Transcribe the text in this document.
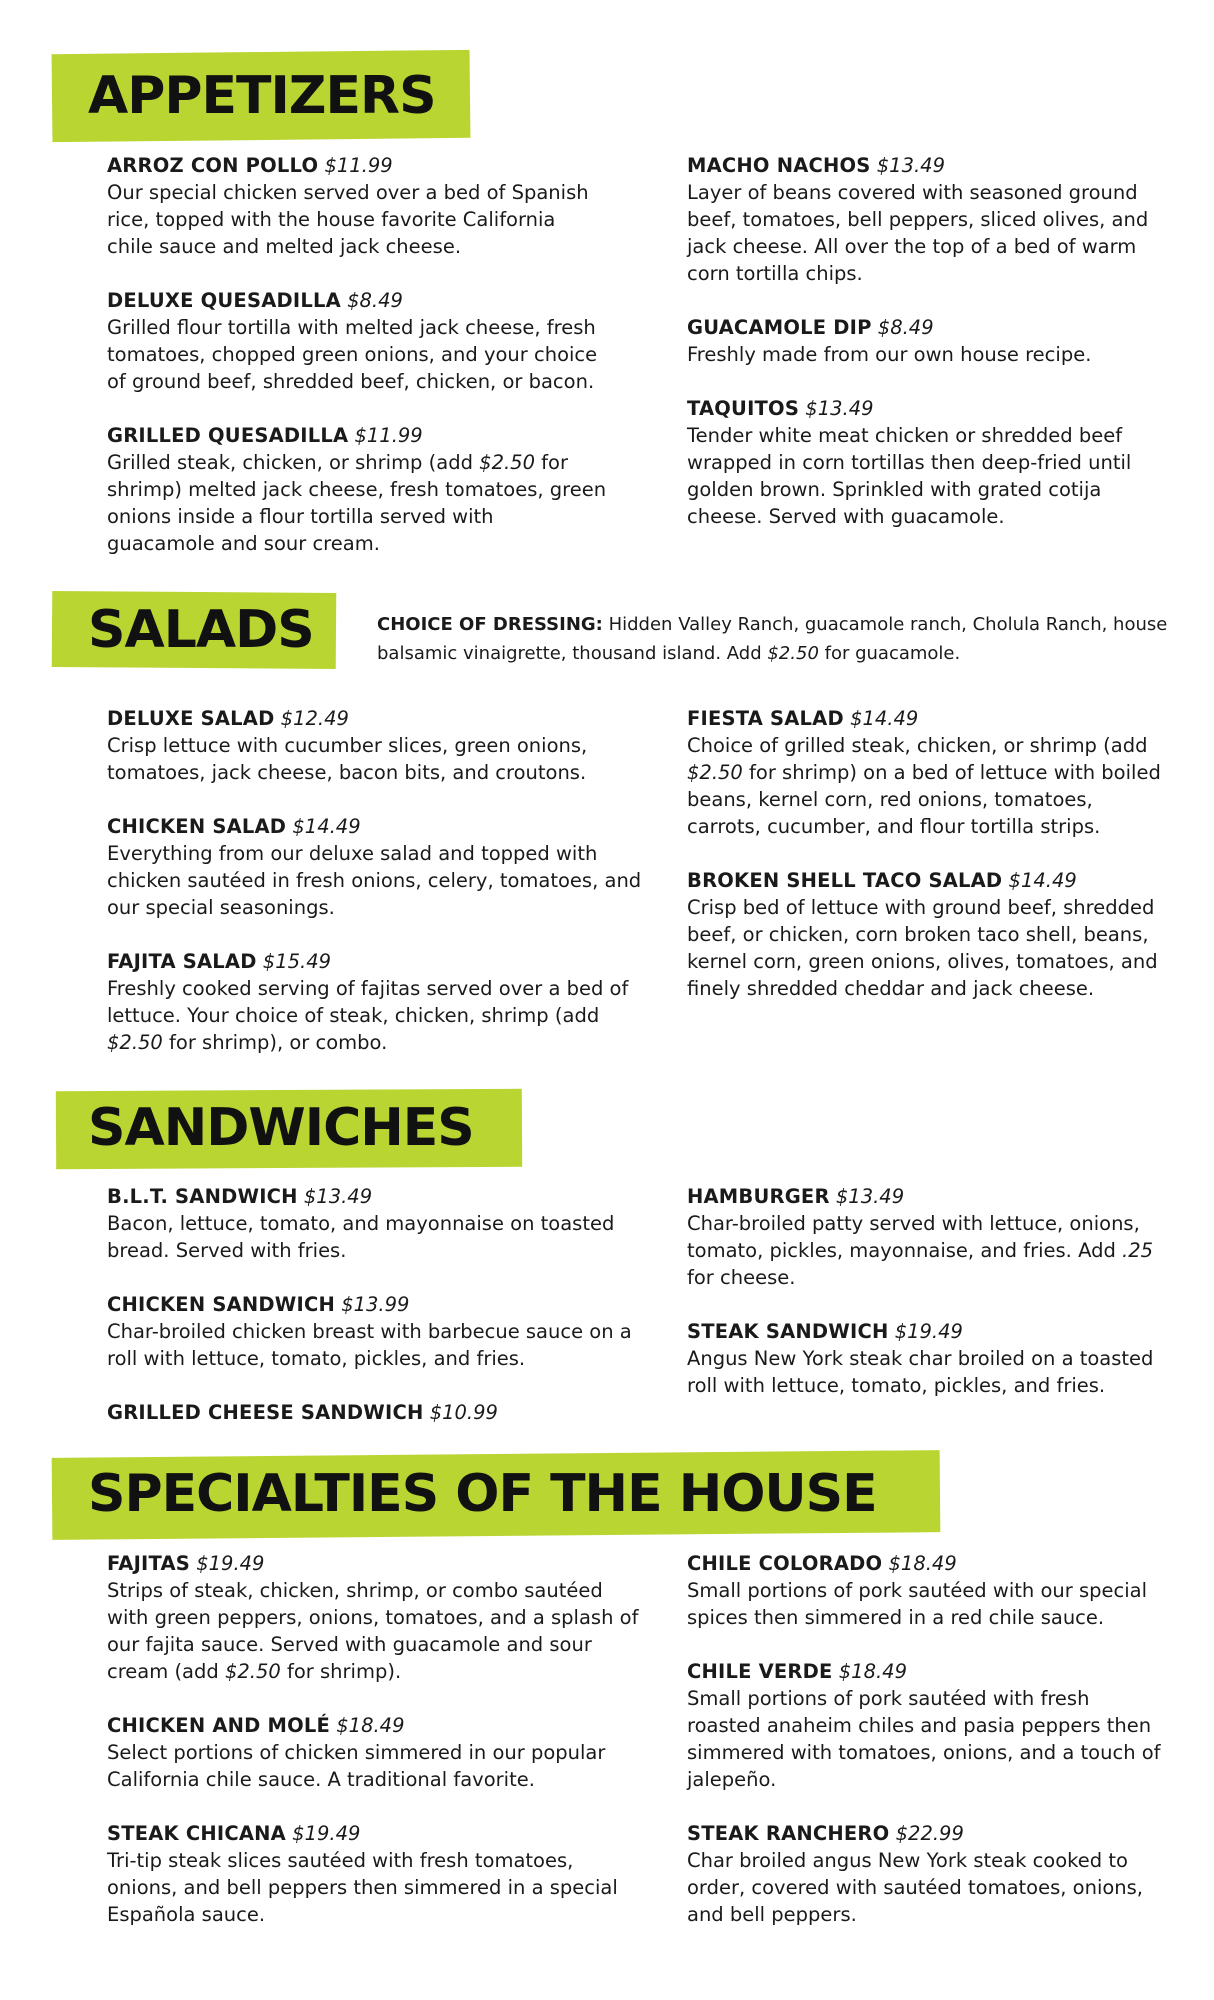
APPETIZERS

ARROZ CON POLLO $11.99
Our special chicken served over a bed of Spanish rice, topped with the house favorite California chile sauce and melted jack cheese.

DELUXE QUESADILLA $8.49
Grilled flour tortilla with melted jack cheese, fresh tomatoes, chopped green onions, and your choice of ground beef, shredded beef, chicken, or bacon.

GRILLED QUESADILLA $11.99
Grilled steak, chicken, or shrimp (add $2.50 for shrimp) melted jack cheese, fresh tomatoes, green onions inside a flour tortilla served with guacamole and sour cream.

MACHO NACHOS $13.49
Layer of beans covered with seasoned ground beef, tomatoes, bell peppers, sliced olives, and jack cheese. All over the top of a bed of warm corn tortilla chips.

GUACAMOLE DIP $8.49
Freshly made from our own house recipe.

TAQUITOS $13.49
Tender white meat chicken or shredded beef wrapped in corn tortillas then deep-fried until golden brown. Sprinkled with grated cotija cheese. Served with guacamole.

SALADS	CHOICE OF DRESSING: Hidden Valley Ranch, guacamole ranch, Cholula Ranch, house balsamic vinaigrette, thousand island. Add $2.50 for guacamole.

DELUXE SALAD $12.49
Crisp lettuce with cucumber slices, green onions, tomatoes, jack cheese, bacon bits, and croutons.

CHICKEN SALAD $14.49
Everything from our deluxe salad and topped with chicken sautéed in fresh onions, celery, tomatoes, and our special seasonings.

FAJITA SALAD $15.49
Freshly cooked serving of fajitas served over a bed of lettuce. Your choice of steak, chicken, shrimp (add $2.50 for shrimp), or combo.

FIESTA SALAD $14.49
Choice of grilled steak, chicken, or shrimp (add $2.50 for shrimp) on a bed of lettuce with boiled beans, kernel corn, red onions, tomatoes, carrots, cucumber, and flour tortilla strips.

BROKEN SHELL TACO SALAD $14.49
Crisp bed of lettuce with ground beef, shredded beef, or chicken, corn broken taco shell, beans, kernel corn, green onions, olives, tomatoes, and finely shredded cheddar and jack cheese.

SANDWICHES

B.L.T. SANDWICH $13.49
Bacon, lettuce, tomato, and mayonnaise on toasted bread. Served with fries.

CHICKEN SANDWICH $13.99
Char-broiled chicken breast with barbecue sauce on a roll with lettuce, tomato, pickles, and fries.

GRILLED CHEESE SANDWICH $10.99

HAMBURGER $13.49
Char-broiled patty served with lettuce, onions, tomato, pickles, mayonnaise, and fries. Add .25 for cheese.

STEAK SANDWICH $19.49
Angus New York steak char broiled on a toasted roll with lettuce, tomato, pickles, and fries.

SPECIALTIES OF THE HOUSE

FAJITAS $19.49
Strips of steak, chicken, shrimp, or combo sautéed with green peppers, onions, tomatoes, and a splash of our fajita sauce. Served with guacamole and sour cream (add $2.50 for shrimp).

CHICKEN AND MOLÉ $18.49
Select portions of chicken simmered in our popular California chile sauce. A traditional favorite.

STEAK CHICANA $19.49
Tri-tip steak slices sautéed with fresh tomatoes, onions, and bell peppers then simmered in a special Española sauce.

CHILE COLORADO $18.49
Small portions of pork sautéed with our special spices then simmered in a red chile sauce.

CHILE VERDE $18.49
Small portions of pork sautéed with fresh roasted anaheim chiles and pasia peppers then simmered with tomatoes, onions, and a touch of jalepeño.

STEAK RANCHERO $22.99
Char broiled angus New York steak cooked to order, covered with sautéed tomatoes, onions, and bell peppers.
